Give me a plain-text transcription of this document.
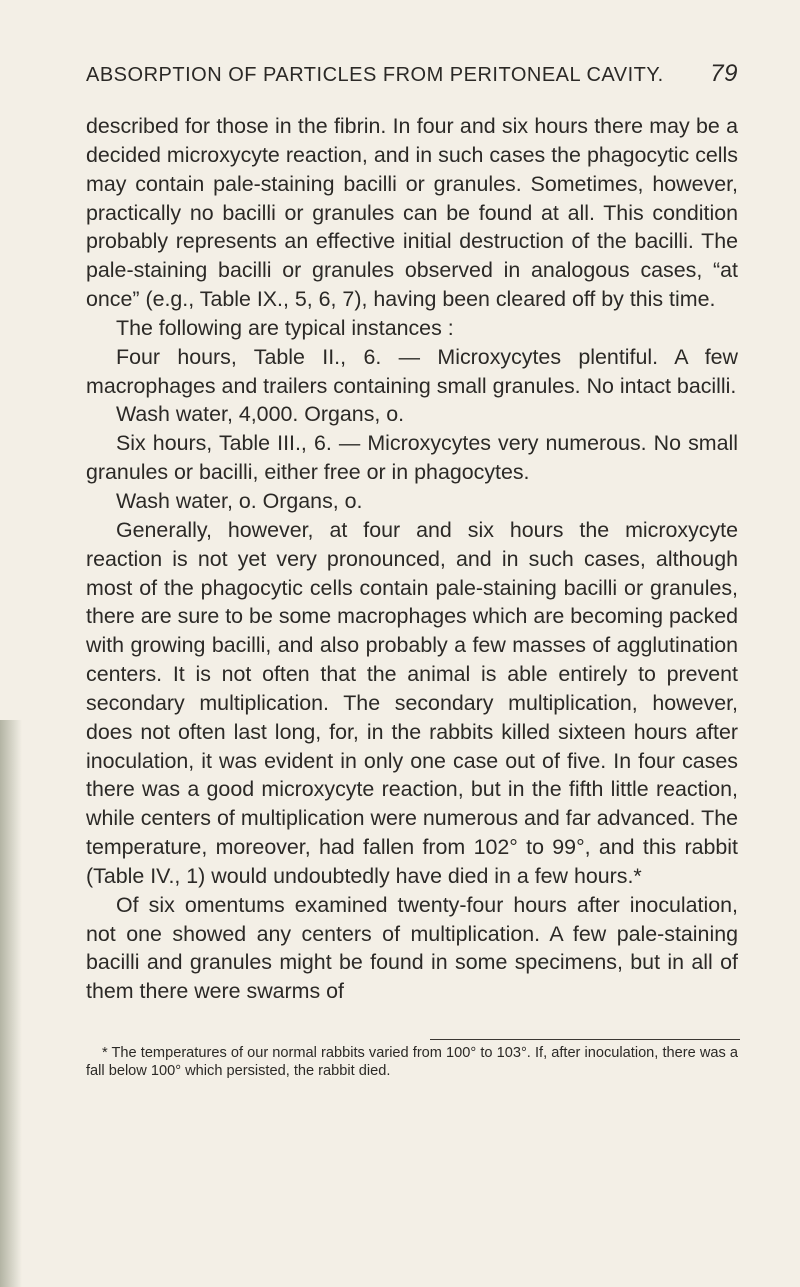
ABSORPTION OF PARTICLES FROM PERITONEAL CAVITY. 79

described for those in the fibrin. In four and six hours there may be a decided microxycyte reaction, and in such cases the phagocytic cells may contain pale-staining bacilli or granules. Sometimes, however, practically no bacilli or granules can be found at all. This condition probably represents an effective initial destruction of the bacilli. The pale-staining bacilli or granules observed in analogous cases, “at once” (e.g., Table IX., 5, 6, 7), having been cleared off by this time.

The following are typical instances :

Four hours, Table II., 6. — Microxycytes plentiful. A few macrophages and trailers containing small granules. No intact bacilli.

Wash water, 4,000. Organs, o.

Six hours, Table III., 6. — Microxycytes very numerous. No small granules or bacilli, either free or in phagocytes.

Wash water, o. Organs, o.

Generally, however, at four and six hours the microxycyte reaction is not yet very pronounced, and in such cases, although most of the phagocytic cells contain pale-staining bacilli or granules, there are sure to be some macrophages which are becoming packed with growing bacilli, and also probably a few masses of agglutination centers. It is not often that the animal is able entirely to prevent secondary multiplication. The secondary multiplication, however, does not often last long, for, in the rabbits killed sixteen hours after inoculation, it was evident in only one case out of five. In four cases there was a good microxycyte reaction, but in the fifth little reaction, while centers of multiplication were numerous and far advanced. The temperature, moreover, had fallen from 102° to 99°, and this rabbit (Table IV., 1) would undoubtedly have died in a few hours.*

Of six omentums examined twenty-four hours after inoculation, not one showed any centers of multiplication. A few pale-staining bacilli and granules might be found in some specimens, but in all of them there were swarms of

* The temperatures of our normal rabbits varied from 100° to 103°. If, after inoculation, there was a fall below 100° which persisted, the rabbit died.
